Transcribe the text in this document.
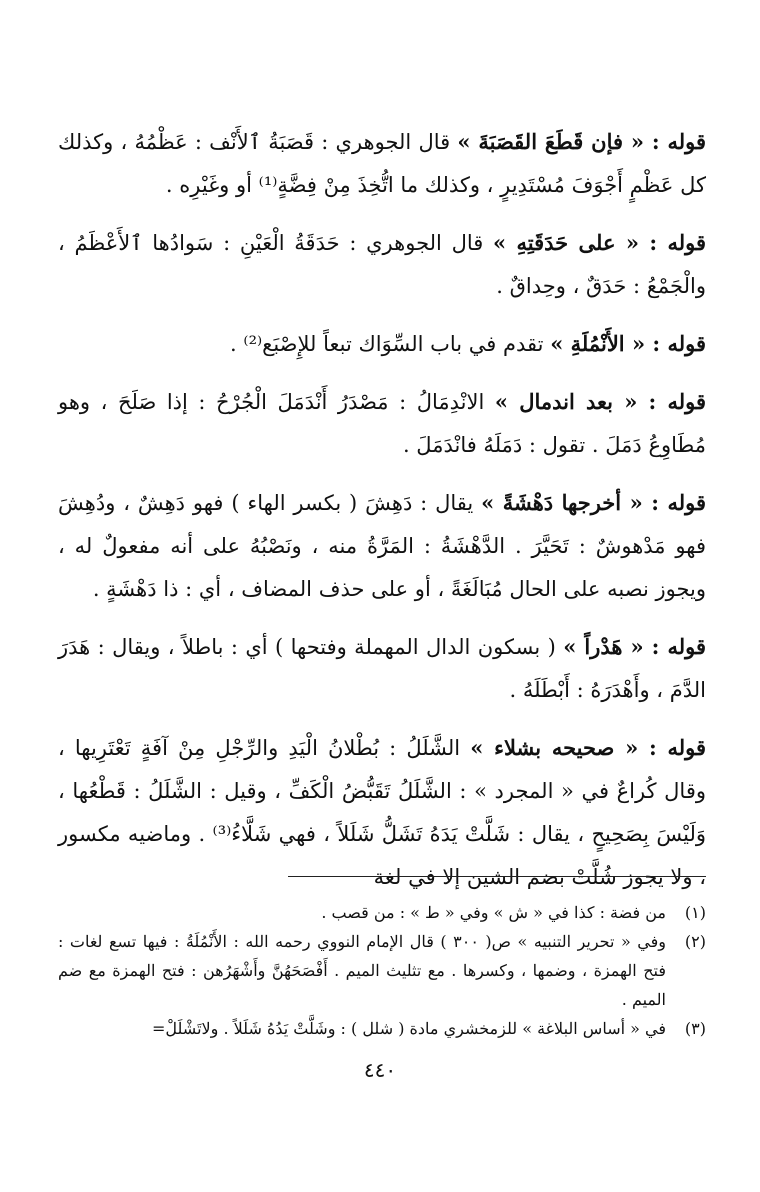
قوله : « فإن قَطَعَ القَصَبَةَ » قال الجوهري : قَصَبَةُ ٱلأَنْف : عَظْمُهُ ، وكذلك كل عَظْمٍ أَجْوَفَ مُسْتَدِيرٍ ، وكذلك ما اتُّخِذَ مِنْ فِضَّةٍ⁽¹⁾ أو وغَيْرِه .

قوله : « على حَدَقَتِهِ » قال الجوهري : حَدَقَةُ الْعَيْنِ : سَوادُها ٱلأَعْظَمُ ، والْجَمْعُ : حَدَقٌ ، وحِداقٌ .

قوله : « الأَنْمُلَةِ » تقدم في باب السِّوَاك تبعاً للإِصْبَع⁽²⁾ .

قوله : « بعد اندمال » الانْدِمَالُ : مَصْدَرُ أَنْدَمَلَ الْجُرْحُ : إذا صَلَحَ ، وهو مُطَاوِعُ دَمَلَ . تقول : دَمَلَهُ فانْدَمَلَ .

قوله : « أخرجها دَهْشَةً » يقال : دَهِشَ ( بكسر الهاء ) فهو دَهِشٌ ، ودُهِشَ فهو مَدْهوشٌ : تَحَيَّرَ . الدَّهْشَةُ : المَرَّةُ منه ، ونَصْبُهُ على أنه مفعولٌ له ، ويجوز نصبه على الحال مُبَالَغَةً ، أو على حذف المضاف ، أي : ذا دَهْشَةٍ .

قوله : « هَدْراً » ( بسكون الدال المهملة وفتحها ) أي : باطلاً ، ويقال : هَدَرَ الدَّمَ ، وأَهْدَرَهُ : أَبْطَلَهُ .

قوله : « صحيحه بشلاء » الشَّلَلُ : بُطْلانُ الْيَدِ والرِّجْلِ مِنْ آفَةٍ تَعْتَرِيها ، وقال كُراعٌ في « المجرد » : الشَّلَلُ تَقَبُّضُ الْكَفِّ ، وقيل : الشَّلَلُ : قَطْعُها ، وَلَيْسَ بِصَحِيحٍ ، يقال : شَلَّتْ يَدَهُ تَشَلُّ شَلَلاً ، فهي شَلَّاءُ⁽³⁾ . وماضيه مكسور ، ولا يجوز شُلَّتْ بضم الشين إلا في لغة

(١)
من فضة : كذا في « ش » وفي « ط » : من قصب .
(٢)
وفي « تحرير التنبيه » ص( ٣٠٠ ) قال الإمام النووي رحمه الله : الأَنْمُلَةُ : فيها تسع لغات : فتح الهمزة ، وضمها ، وكسرها . مع تثليث الميم . أَفْصَحَهُنَّ وأَشْهَرُهن : فتح الهمزة مع ضم الميم .
(٣)
في « أساس البلاغة » للزمخشري مادة ( شلل ) : وشَلَّتْ يَدُهُ شَلَلاً . ولاتَشْلَلْ=
٤٤٠
